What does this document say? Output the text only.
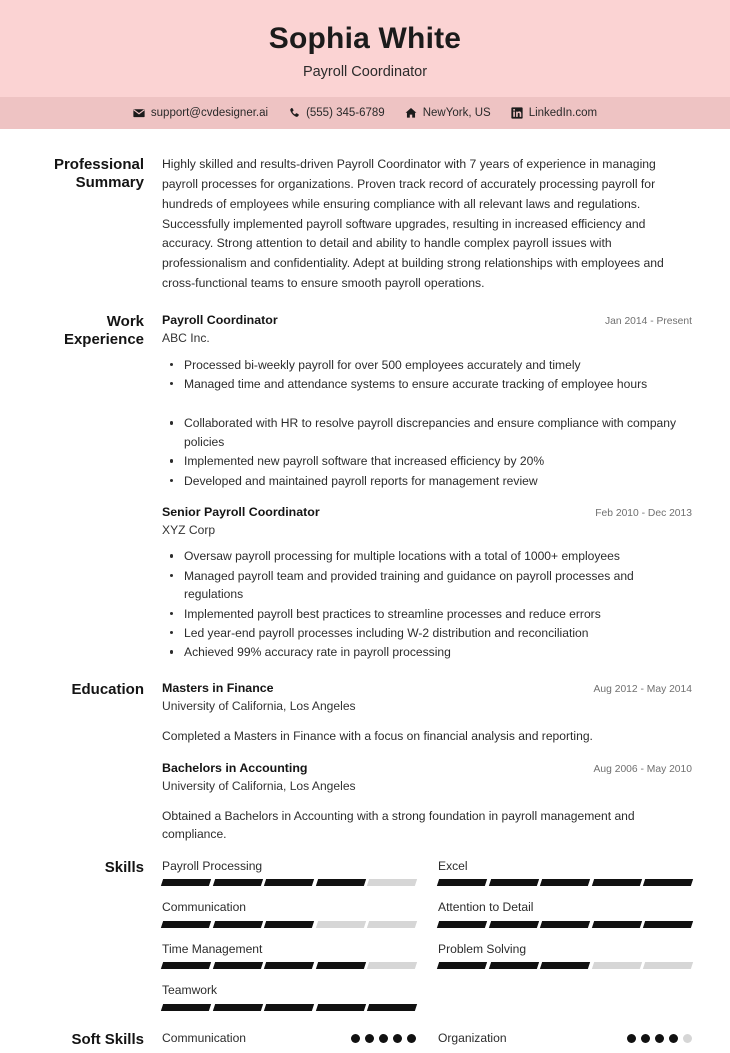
Sophia White
Payroll Coordinator
support@cvdesigner.ai	(555) 345-6789	NewYork, US	LinkedIn.com
Professional Summary
Highly skilled and results-driven Payroll Coordinator with 7 years of experience in managing payroll processes for organizations. Proven track record of accurately processing payroll for hundreds of employees while ensuring compliance with all relevant laws and regulations. Successfully implemented payroll software upgrades, resulting in increased efficiency and accuracy. Strong attention to detail and ability to handle complex payroll issues with professionalism and confidentiality. Adept at building strong relationships with employees and cross-functional teams to ensure smooth payroll operations.
Work Experience
Payroll Coordinator	Jan 2014 - Present
ABC Inc.
Processed bi-weekly payroll for over 500 employees accurately and timely
Managed time and attendance systems to ensure accurate tracking of employee hours
Collaborated with HR to resolve payroll discrepancies and ensure compliance with company policies
Implemented new payroll software that increased efficiency by 20%
Developed and maintained payroll reports for management review
Senior Payroll Coordinator	Feb 2010 - Dec 2013
XYZ Corp
Oversaw payroll processing for multiple locations with a total of 1000+ employees
Managed payroll team and provided training and guidance on payroll processes and regulations
Implemented payroll best practices to streamline processes and reduce errors
Led year-end payroll processes including W-2 distribution and reconciliation
Achieved 99% accuracy rate in payroll processing
Education	Masters in Finance	Aug 2012 - May 2014
University of California, Los Angeles
Completed a Masters in Finance with a focus on financial analysis and reporting.
Bachelors in Accounting	Aug 2006 - May 2010
University of California, Los Angeles
Obtained a Bachelors in Accounting with a strong foundation in payroll management and compliance.
Skills	Payroll Processing	Excel
Communication	Attention to Detail
Time Management	Problem Solving
Teamwork
Soft Skills	Communication	Organization
